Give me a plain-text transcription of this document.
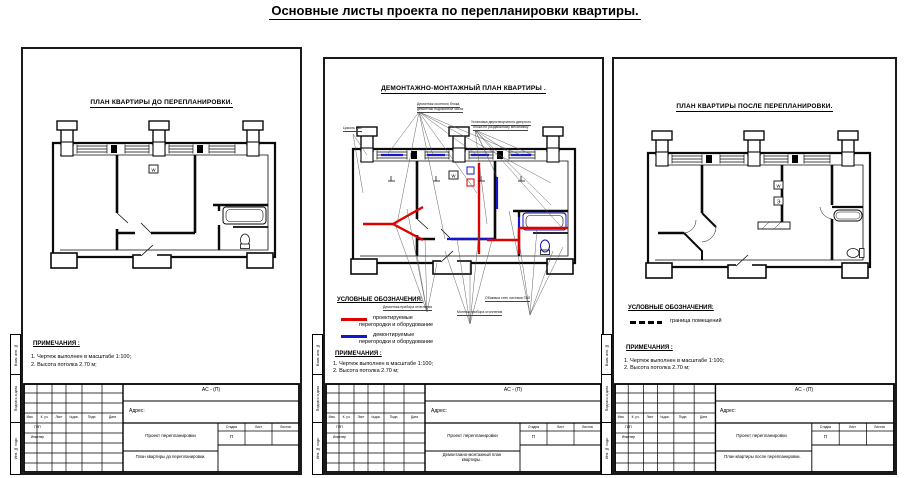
Основные листы проекта по перепланировки квартиры.
Взам. инв. №
Подпись и дата
Инв. № подл.
ПЛАН КВАРТИРЫ ДО ПЕРЕПЛАНИРОВКИ.
ПРИМЕЧАНИЯ :
1. Чертеж выполнен в масштабе 1:100;
2. Высота потолка 2.70 м;
АС - (П)
Адрес:
Изм.	К. уч.	Лист	№док.	Подп.	Дата
ГИП
Инженер	Проект перепланировки
Стадия	Лист	Листов
П
План квартиры до перепланировки.
Взам. инв. №
Подпись и дата
Инв. № подл.
ДЕМОНТАЖНО-МОНТАЖНЫЙ ПЛАН КВАРТИРЫ .
Демонтаж оконного блока,
демонтаж подоконной части
Установка двухстворчатого дверного
блока по раздвижному механизму
Цоколь ГВЛ
Демонтаж прибора отопления
Обшивка стен листами ГВЛ
Монтаж прибора отопления
УСЛОВНЫЕ ОБОЗНАЧЕНИЯ:
проектируемые
перегородки и оборудование
демонтируемые
перегородки и оборудование
ПРИМЕЧАНИЯ :
1. Чертеж выполнен в масштабе 1:100;
2. Высота потолка 2.70 м;
АС - (П)
Адрес:
Изм.	К. уч.	Лист	№док.	Подп.	Дата
ГИП
Инженер	Проект перепланировки
Стадия	Лист	Листов
П
Демонтажно-монтажный план квартиры .
Взам. инв. №
Подпись и дата
Инв. № подл.
ПЛАН КВАРТИРЫ ПОСЛЕ ПЕРЕПЛАНИРОВКИ.
УСЛОВНЫЕ ОБОЗНАЧЕНИЯ:
граница помещений
ПРИМЕЧАНИЯ :
1. Чертеж выполнен в масштабе 1:100;
2. Высота потолка 2.70 м;
АС - (П)
Адрес:
Изм.	К. уч.	Лист	№док.	Подп.	Дата
ГИП
Инженер	Проект перепланировки
Стадия	Лист	Листов
П
План квартиры после перепланировки.
